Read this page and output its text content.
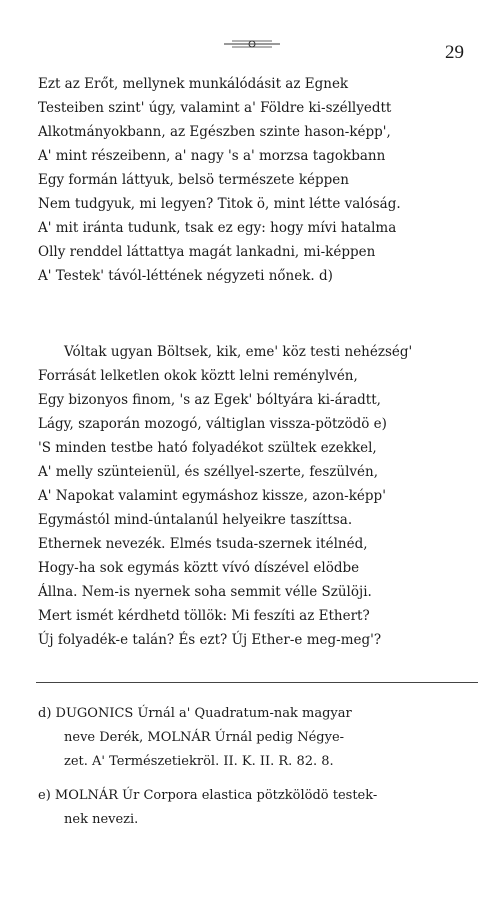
29
Ezt az Erőt, mellynek munkálódásit az Egnek
Testeiben szint' úgy, valamint a' Földre ki-széllyedtt
Alkotmányokbann, az Egészben szinte hason-képp',
A' mint részeibenn, a' nagy 's a' morzsa tagokbann
Egy formán láttyuk, belsö természete képpen
Nem tudgyuk, mi legyen? Titok ö, mint létte valóság.
A' mit iránta tudunk, tsak ez egy: hogy mívi hatalma
Olly renddel láttattya magát lankadni, mi-képpen
A' Testek' távól-léttének négyzeti nőnek. d)
Vóltak ugyan Böltsek, kik, eme' köz testi nehézség'
Forrását lelketlen okok köztt lelni reménylvén,
Egy bizonyos finom, 's az Egek' bóltyára ki-áradtt,
Lágy, szaporán mozogó, váltiglan vissza-pötzödö e)
'S minden testbe ható folyadékot szültek ezekkel,
A' melly szünteienül, és széllyel-szerte, feszülvén,
A' Napokat valamint egymáshoz kissze, azon-képp'
Egymástól mind-úntalanúl helyeikre taszíttsa.
Ethernek nevezék. Elmés tsuda-szernek itélnéd,
Hogy-ha sok egymás köztt vívó díszével elödbe
Állna. Nem-is nyernek soha semmit vélle Szülöji.
Mert ismét kérdhetd töllök: Mi feszíti az Ethert?
Új folyadék-e talán? És ezt? Új Ether-e meg-meg'?
d) DUGONICS Úrnál a' Quadratum-nak magyar
neve Derék, MOLNÁR Úrnál pedig Négye-
zet. A' Természetiekröl. II. K. II. R. 82. 8.
e) MOLNÁR Úr Corpora elastica pötzkölödö testek-
nek nevezi.
